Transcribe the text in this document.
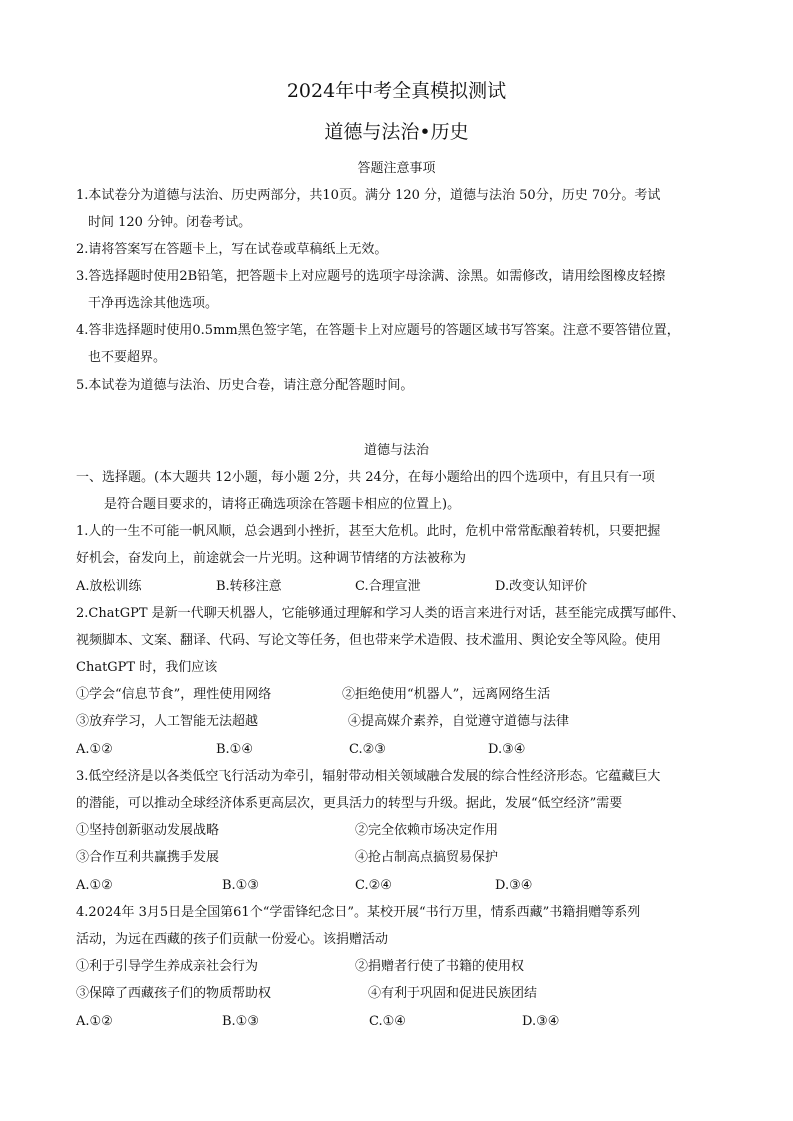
2024年中考全真模拟测试
道德与法治•历史
答题注意事项
1.本试卷分为道德与法治、历史两部分，共10页。满分 120 分，道德与法治 50分，历史 70分。考试
时间 120 分钟。闭卷考试。
2.请将答案写在答题卡上，写在试卷或草稿纸上无效。
3.答选择题时使用2B铅笔，把答题卡上对应题号的选项字母涂满、涂黑。如需修改，请用绘图橡皮轻擦
干净再选涂其他选项。
4.答非选择题时使用0.5mm黑色签字笔，在答题卡上对应题号的答题区域书写答案。注意不要答错位置，
也不要超界。
5.本试卷为道德与法治、历史合卷，请注意分配答题时间。
道德与法治
一、选择题。(本大题共 12小题，每小题 2分，共 24分，在每小题给出的四个选项中，有且只有一项
是符合题目要求的，请将正确选项涂在答题卡相应的位置上)。
1.人的一生不可能一帆风顺，总会遇到小挫折，甚至大危机。此时，危机中常常酝酿着转机，只要把握
好机会，奋发向上，前途就会一片光明。这种调节情绪的方法被称为
A.放松训练	B.转移注意	C.合理宣泄	D.改变认知评价
2.ChatGPT 是新一代聊天机器人，它能够通过理解和学习人类的语言来进行对话，甚至能完成撰写邮件、
视频脚本、文案、翻译、代码、写论文等任务，但也带来学术造假、技术滥用、舆论安全等风险。使用
ChatGPT 时，我们应该
①学会“信息节食”，理性使用网络	②拒绝使用“机器人”，远离网络生活
③放弃学习，人工智能无法超越	④提高媒介素养，自觉遵守道德与法律
A.①②	B.①④	C.②③	D.③④
3.低空经济是以各类低空飞行活动为牵引，辐射带动相关领域融合发展的综合性经济形态。它蕴藏巨大
的潜能，可以推动全球经济体系更高层次，更具活力的转型与升级。据此，发展“低空经济”需要
①坚持创新驱动发展战略	②完全依赖市场决定作用
③合作互利共赢携手发展	④抢占制高点搞贸易保护
A.①②	B.①③	C.②④	D.③④
4.2024年 3月5日是全国第61个“学雷锋纪念日”。某校开展“书行万里，情系西藏”书籍捐赠等系列
活动，为远在西藏的孩子们贡献一份爱心。该捐赠活动
①利于引导学生养成亲社会行为	②捐赠者行使了书籍的使用权
③保障了西藏孩子们的物质帮助权	④有利于巩固和促进民族团结
A.①②	B.①③	C.①④	D.③④
